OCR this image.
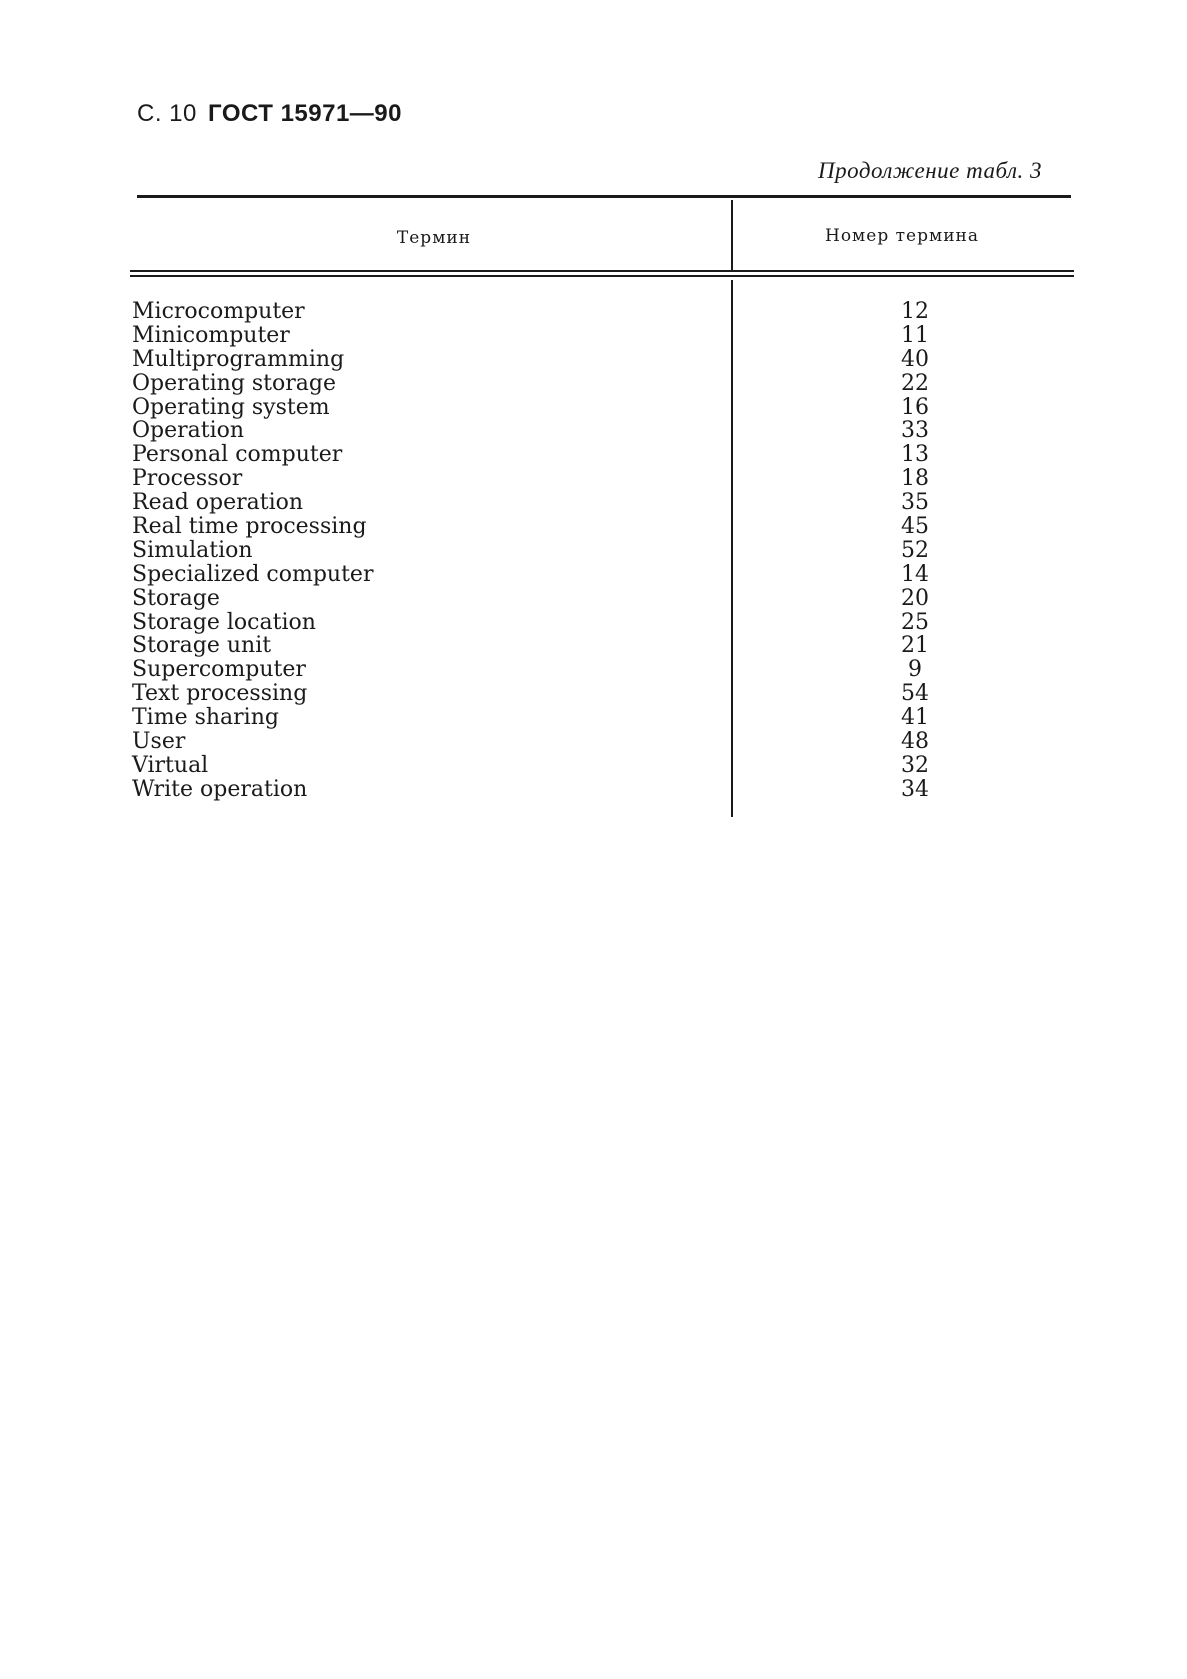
С. 10 ГОСТ 15971—90
Продолжение табл. 3
Термин	Номер термина
Microcomputer	12
Minicomputer	11
Multiprogramming	40
Operating storage	22
Operating system	16
Operation	33
Personal computer	13
Processor	18
Read operation	35
Real time processing	45
Simulation	52
Specialized computer	14
Storage	20
Storage location	25
Storage unit	21
Supercomputer	9
Text processing	54
Time sharing	41
User	48
Virtual	32
Write operation	34
